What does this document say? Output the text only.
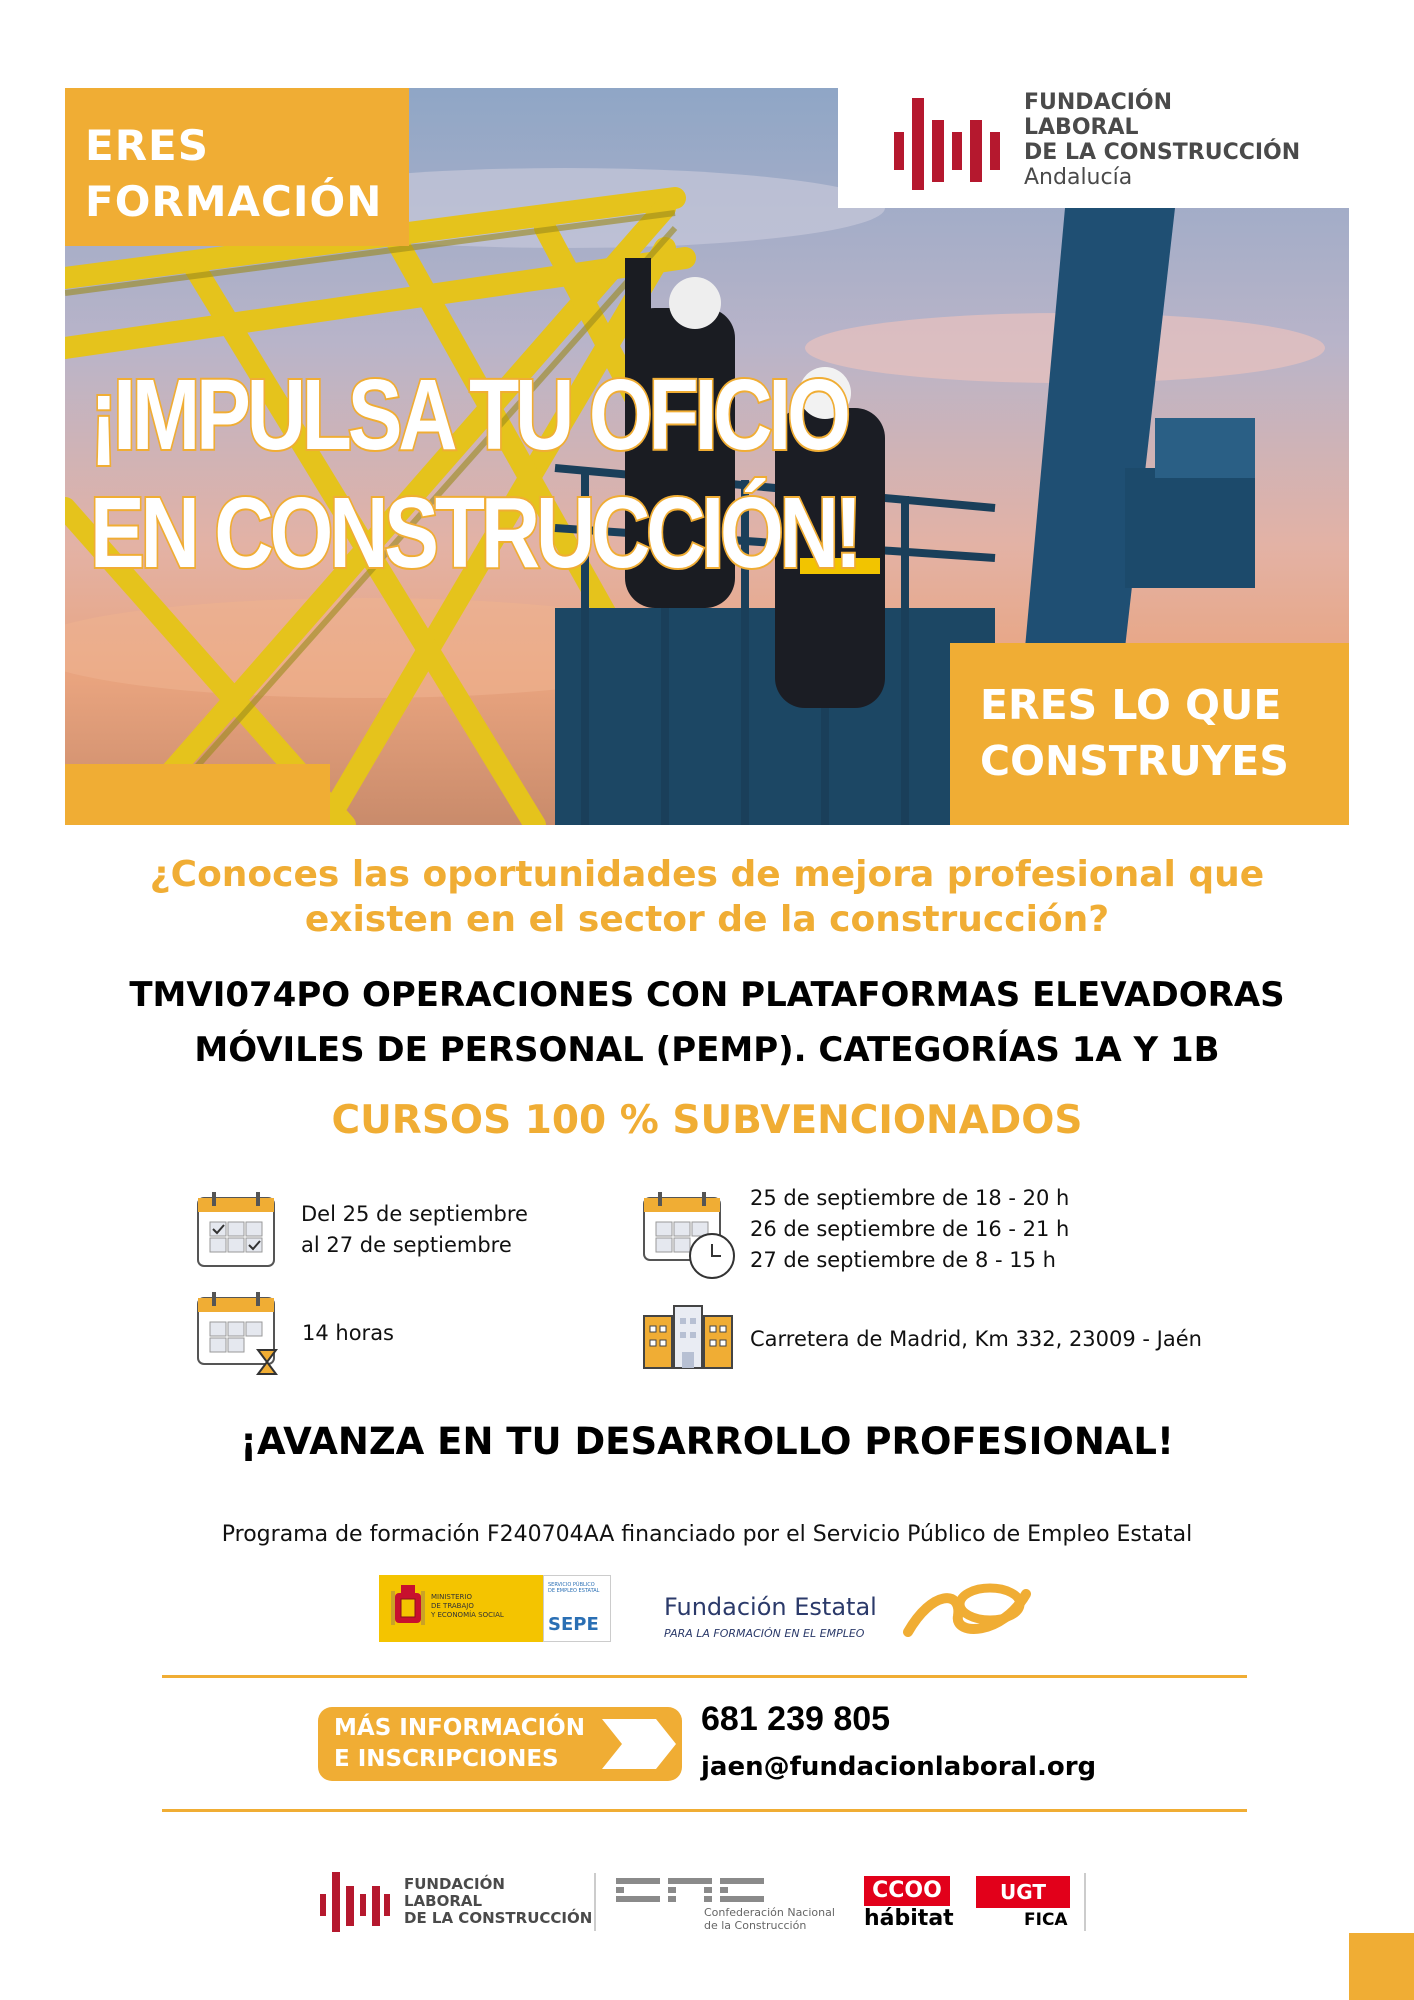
ERES
FORMACIÓN
FUNDACIÓN
LABORAL
DE LA CONSTRUCCIÓN
Andalucía
¡IMPULSA TU OFICIO
EN CONSTRUCCIÓN!
ERES LO QUE
CONSTRUYES
¿Conoces las oportunidades de mejora profesional que
existen en el sector de la construcción?
TMVI074PO OPERACIONES CON PLATAFORMAS ELEVADORAS
MÓVILES DE PERSONAL (PEMP). CATEGORÍAS 1A Y 1B
CURSOS 100 % SUBVENCIONADOS
Del 25 de septiembre
al 27 de septiembre
25 de septiembre de 18 - 20 h
26 de septiembre de 16 - 21 h
27 de septiembre de 8 - 15 h
14 horas	Carretera de Madrid, Km 332, 23009 - Jaén
¡AVANZA EN TU DESARROLLO PROFESIONAL!
Programa de formación F240704AA financiado por el Servicio Público de Empleo Estatal
MINISTERIO
DE TRABAJO
Y ECONOMÍA SOCIAL
SERVICIO PÚBLICO
DE EMPLEO ESTATAL
SEPE
Fundación Estatal
PARA LA FORMACIÓN EN EL EMPLEO
MÁS INFORMACIÓN
E INSCRIPCIONES
681 239 805
jaen@fundacionlaboral.org
FUNDACIÓN
LABORAL
DE LA CONSTRUCCIÓN	Confederación Nacional
de la Construcción
CCOO
hábitat
UGT
FICA
